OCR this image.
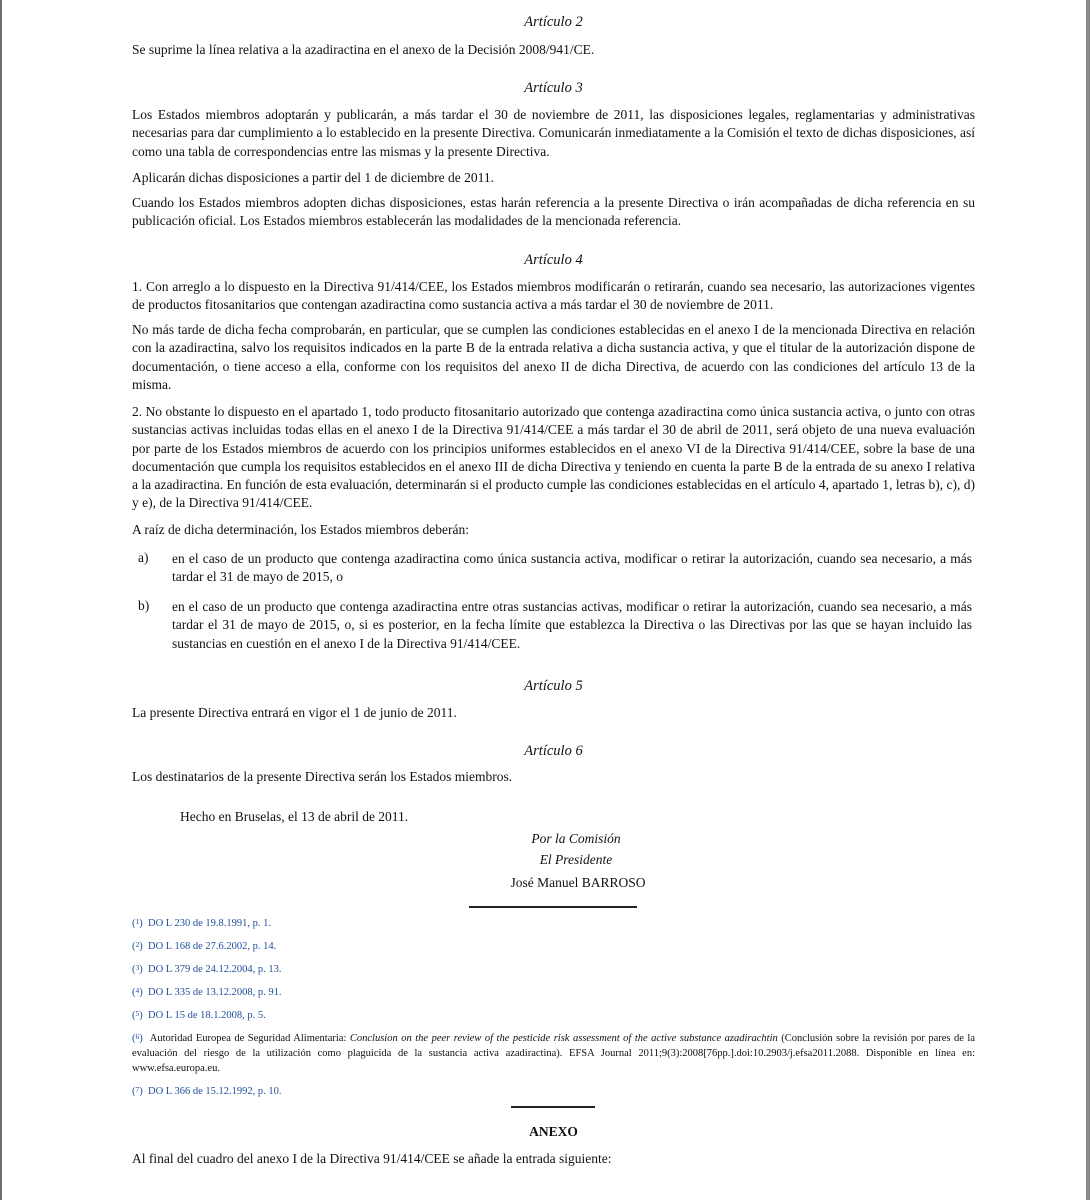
Artículo 2

Se suprime la línea relativa a la azadiractina en el anexo de la Decisión 2008/941/CE.

Artículo 3

Los Estados miembros adoptarán y publicarán, a más tardar el 30 de noviembre de 2011, las disposiciones legales, reglamentarias y administrativas necesarias para dar cumplimiento a lo establecido en la presente Directiva. Comunicarán inmediatamente a la Comisión el texto de dichas disposiciones, así como una tabla de correspondencias entre las mismas y la presente Directiva.

Aplicarán dichas disposiciones a partir del 1 de diciembre de 2011.

Cuando los Estados miembros adopten dichas disposiciones, estas harán referencia a la presente Directiva o irán acompañadas de dicha referencia en su publicación oficial. Los Estados miembros establecerán las modalidades de la mencionada referencia.

Artículo 4

1. Con arreglo a lo dispuesto en la Directiva 91/414/CEE, los Estados miembros modificarán o retirarán, cuando sea necesario, las autorizaciones vigentes de productos fitosanitarios que contengan azadiractina como sustancia activa a más tardar el 30 de noviembre de 2011.

No más tarde de dicha fecha comprobarán, en particular, que se cumplen las condiciones establecidas en el anexo I de la mencionada Directiva en relación con la azadiractina, salvo los requisitos indicados en la parte B de la entrada relativa a dicha sustancia activa, y que el titular de la autorización dispone de documentación, o tiene acceso a ella, conforme con los requisitos del anexo II de dicha Directiva, de acuerdo con las condiciones del artículo 13 de la misma.

2. No obstante lo dispuesto en el apartado 1, todo producto fitosanitario autorizado que contenga azadiractina como única sustancia activa, o junto con otras sustancias activas incluidas todas ellas en el anexo I de la Directiva 91/414/CEE a más tardar el 30 de abril de 2011, será objeto de una nueva evaluación por parte de los Estados miembros de acuerdo con los principios uniformes establecidos en el anexo VI de la Directiva 91/414/CEE, sobre la base de una documentación que cumpla los requisitos establecidos en el anexo III de dicha Directiva y teniendo en cuenta la parte B de la entrada de su anexo I relativa a la azadiractina. En función de esta evaluación, determinarán si el producto cumple las condiciones establecidas en el artículo 4, apartado 1, letras b), c), d) y e), de la Directiva 91/414/CEE.

A raíz de dicha determinación, los Estados miembros deberán:

a) en el caso de un producto que contenga azadiractina como única sustancia activa, modificar o retirar la autorización, cuando sea necesario, a más tardar el 31 de mayo de 2015, o

b) en el caso de un producto que contenga azadiractina entre otras sustancias activas, modificar o retirar la autorización, cuando sea necesario, a más tardar el 31 de mayo de 2015, o, si es posterior, en la fecha límite que establezca la Directiva o las Directivas por las que se hayan incluido las sustancias en cuestión en el anexo I de la Directiva 91/414/CEE.

Artículo 5

La presente Directiva entrará en vigor el 1 de junio de 2011.

Artículo 6

Los destinatarios de la presente Directiva serán los Estados miembros.

Hecho en Bruselas, el 13 de abril de 2011.
Por la Comisión
El Presidente
José Manuel BARROSO
($^1$)  DO L 230 de 19.8.1991, p. 1.
($^2$)  DO L 168 de 27.6.2002, p. 14.
($^3$)  DO L 379 de 24.12.2004, p. 13.
($^4$)  DO L 335 de 13.12.2008, p. 91.
($^5$)  DO L 15 de 18.1.2008, p. 5.
($^6$)  Autoridad Europea de Seguridad Alimentaria: Conclusion on the peer review of the pesticide risk assessment of the active substance azadirachtin (Conclusión sobre la revisión por pares de la evaluación del riesgo de la utilización como plaguicida de la sustancia activa azadiractina). EFSA Journal 2011;9(3):2008[76pp.].doi:10.2903/j.efsa2011.2088. Disponible en línea en: www.efsa.europa.eu.
($^7$)  DO L 366 de 15.12.1992, p. 10.
ANEXO

Al final del cuadro del anexo I de la Directiva 91/414/CEE se añade la entrada siguiente:
